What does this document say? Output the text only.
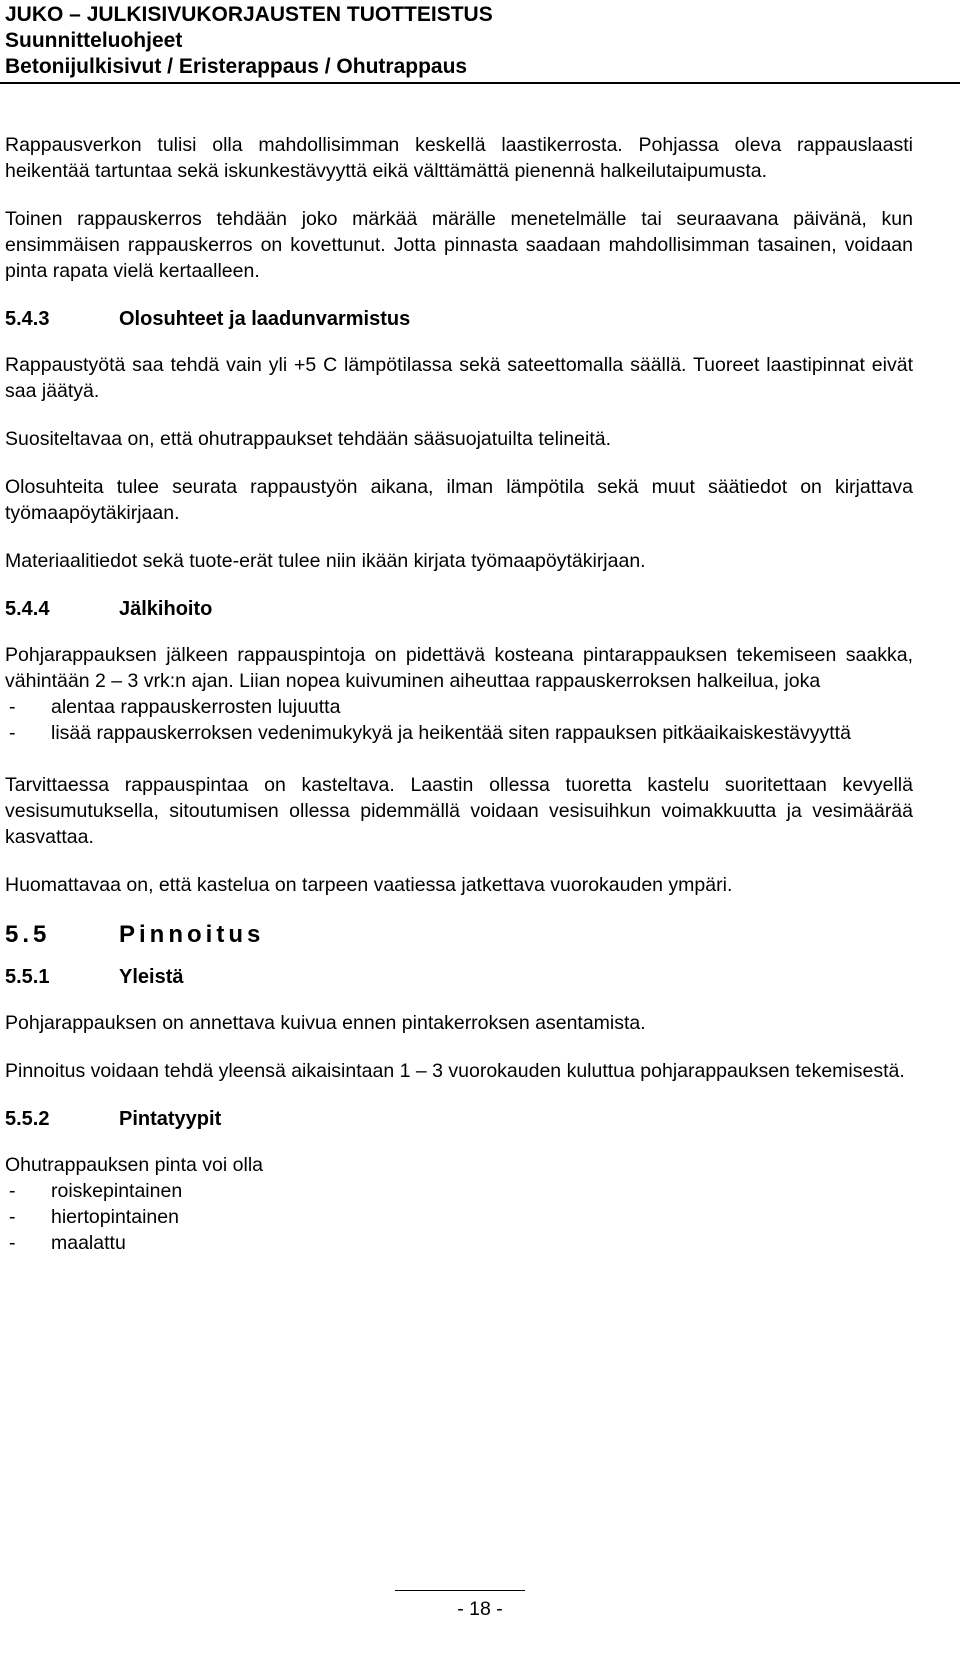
JUKO – JULKISIVUKORJAUSTEN TUOTTEISTUS
Suunnitteluohjeet
Betonijulkisivut / Eristerappaus / Ohutrappaus

Rappausverkon tulisi olla mahdollisimman keskellä laastikerrosta. Pohjassa oleva rappauslaasti heikentää tartuntaa sekä iskunkestävyyttä eikä välttämättä pienennä halkeilutaipumusta.

Toinen rappauskerros tehdään joko märkää märälle menetelmälle tai seuraavana päivänä, kun ensimmäisen rappauskerros on kovettunut. Jotta pinnasta saadaan mahdollisimman tasainen, voidaan pinta rapata vielä kertaalleen.

5.4.3	Olosuhteet ja laadunvarmistus

Rappaustyötä saa tehdä vain yli +5 C lämpötilassa sekä sateettomalla säällä. Tuoreet laastipinnat eivät saa jäätyä.

Suositeltavaa on, että ohutrappaukset tehdään sääsuojatuilta telineitä.

Olosuhteita tulee seurata rappaustyön aikana, ilman lämpötila sekä muut säätiedot on kirjattava työmaapöytäkirjaan.

Materiaalitiedot sekä tuote-erät tulee niin ikään kirjata työmaapöytäkirjaan.

5.4.4	Jälkihoito

Pohjarappauksen jälkeen rappauspintoja on pidettävä kosteana pintarappauksen tekemiseen saakka, vähintään 2 – 3 vrk:n ajan. Liian nopea kuivuminen aiheuttaa rappauskerroksen halkeilua, joka

-	alentaa rappauskerrosten lujuutta
-	lisää rappauskerroksen vedenimukykyä ja heikentää siten rappauksen pitkäaikaiskestävyyttä

Tarvittaessa rappauspintaa on kasteltava. Laastin ollessa tuoretta kastelu suoritettaan kevyellä vesisumutuksella, sitoutumisen ollessa pidemmällä voidaan vesisuihkun voimakkuutta ja vesimäärää kasvattaa.

Huomattavaa on, että kastelua on tarpeen vaatiessa jatkettava vuorokauden ympäri.

5.5	Pinnoitus
5.5.1	Yleistä

Pohjarappauksen on annettava kuivua ennen pintakerroksen asentamista.

Pinnoitus voidaan tehdä yleensä aikaisintaan 1 – 3 vuorokauden kuluttua pohjarappauksen tekemisestä.

5.5.2	Pintatyypit

Ohutrappauksen pinta voi olla

-	roiskepintainen
-	hiertopintainen
-	maalattu
- 18 -
